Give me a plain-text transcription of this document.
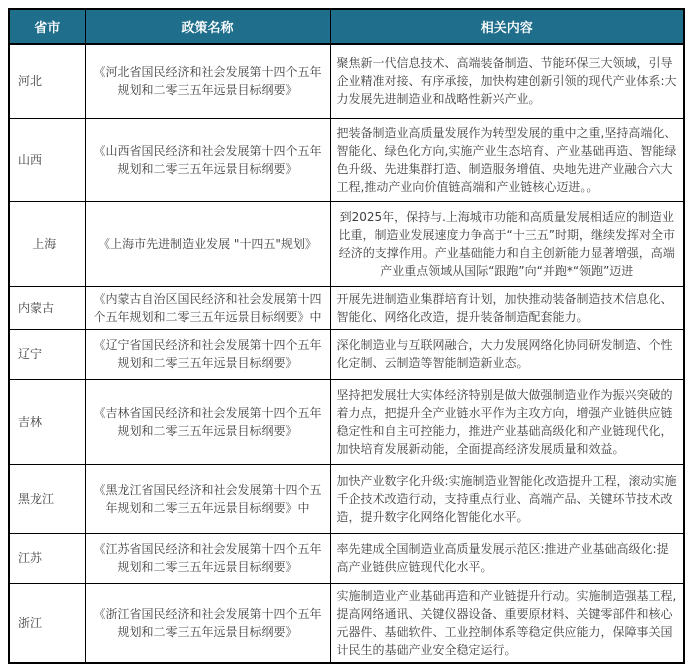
省市	政策名称	相关内容
河北	《河北省国民经济和社会发展第十四个五年规划和二零三五年远景目标纲要》	聚焦新一代信息技术、高端装备制造、节能环保三大领域，引导企业精准对接、有序承接，加快构建创新引领的现代产业体系:大力发展先进制造业和战略性新兴产业。
山西	《山西省国民经济和社会发展第十四个五年规划和二零三五年远景目标纲要》	把装备制造业高质量发展作为转型发展的重中之重,坚持高端化、智能化、绿色化方向,实施产业生态培育、产业基础再造、智能绿色升级、先进集群打造、制造服务增值、央地先进产业融合六大工程,推动产业向价值链高端和产业链核心迈进。。
上海	《上海市先进制造业发展 "十四五"规划》	到2025年，保持与.上海城市功能和高质量发展相适应的制造业比重，制造业发展速度力争高于“十三五”时期，继续发挥对全市经济的支撑作用。产业基础能力和自主创新能力显著增强，高端产业重点领域从国际“跟跑”向“并跑*“领跑”迈进
内蒙古	《内蒙古自治区国民经济和社会发展第十四个五年规划和二零三五年远景目标纲要》中	开展先进制造业集群培育计划，加快推动装备制造技术信息化、智能化、网络化改造，提升装备制造配套能力。
辽宁	《辽宁省国民经济和社会发展第十四个五年规划和二零三五年远景目标纲要》	深化制造业与互联网融合，大力发展网络化协同研发制造、个性化定制、云制造等智能制造新业态。
吉林	《吉林省国民经济和社会发展第十四个五年规划和二零三五年远景目标纲要》	坚持把发展壮大实体经济特别是做大做强制造业作为振兴突破的着力点，把提升全产业链水平作为主攻方向，增强产业链供应链稳定性和自主可控能力，推进产业基础高级化和产业链现代化，加快培育发展新动能，全面提高经济发展质量和效益。
黑龙江	《黑龙江省国民经济和社会发展第十四个五年规划和二零三五年远景目标纲要》中	加快产业数字化升级:实施制造业智能化改造提升工程，滚动实施千企技术改造行动，支持重点行业、高端产品、关键环节技术改造，提升数字化网络化智能化水平。
江苏	《江苏省国民经济和社会发展第十四个五年规划和二零三五年远景目标纲要》	率先建成全国制造业高质量发展示范区:推进产业基础高级化:提高产业链供应链现代化水平。
浙江	《浙江省国民经济和社会发展第十四个五年规划和二零三五年远景目标纲要》	实施制造业产业基础再造和产业链提升行动。实施制造强基工程,提高网络通讯、关键仪器设备、重要原材料、关键零部件和核心元器件、基础软件、工业控制体系等稳定供应能力，保障事关国计民生的基础产业安全稳定运行。
